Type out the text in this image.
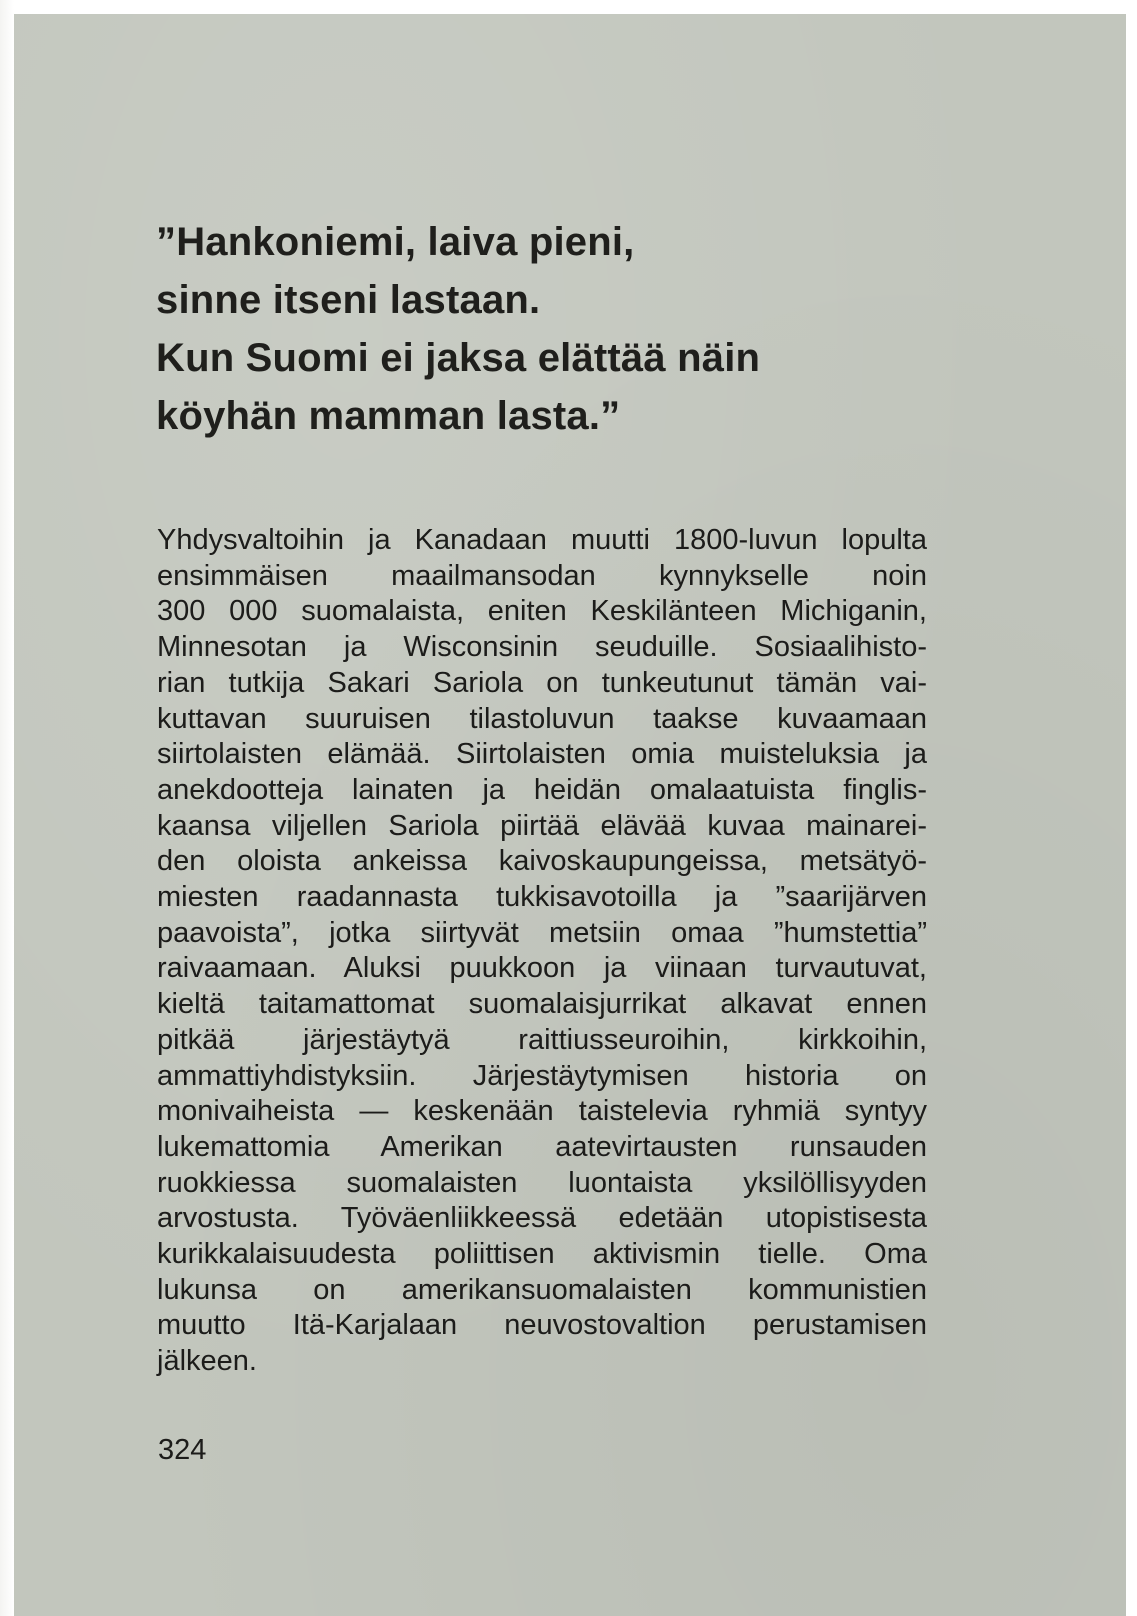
”Hankoniemi, laiva pieni,
sinne itseni lastaan.
Kun Suomi ei jaksa elättää näin
köyhän mamman lasta.”

Yhdysvaltoihin ja Kanadaan muutti 1800-luvun lopulta
ensimmäisen maailmansodan kynnykselle noin
300 000 suomalaista, eniten Keskilänteen Michiganin,
Minnesotan ja Wisconsinin seuduille. Sosiaalihisto-
rian tutkija Sakari Sariola on tunkeutunut tämän vai-
kuttavan suuruisen tilastoluvun taakse kuvaamaan
siirtolaisten elämää. Siirtolaisten omia muisteluksia ja
anekdootteja lainaten ja heidän omalaatuista finglis-
kaansa viljellen Sariola piirtää elävää kuvaa mainarei-
den oloista ankeissa kaivoskaupungeissa, metsätyö-
miesten raadannasta tukkisavotoilla ja ”saarijärven
paavoista”, jotka siirtyvät metsiin omaa ”humstettia”
raivaamaan. Aluksi puukkoon ja viinaan turvautuvat,
kieltä taitamattomat suomalaisjurrikat alkavat ennen
pitkää järjestäytyä raittiusseuroihin, kirkkoihin,
ammattiyhdistyksiin. Järjestäytymisen historia on
monivaiheista — keskenään taistelevia ryhmiä syntyy
lukemattomia Amerikan aatevirtausten runsauden
ruokkiessa suomalaisten luontaista yksilöllisyyden
arvostusta. Työväenliikkeessä edetään utopistisesta
kurikkalaisuudesta poliittisen aktivismin tielle. Oma
lukunsa on amerikansuomalaisten kommunistien
muutto Itä-Karjalaan neuvostovaltion perustamisen
jälkeen.

324
